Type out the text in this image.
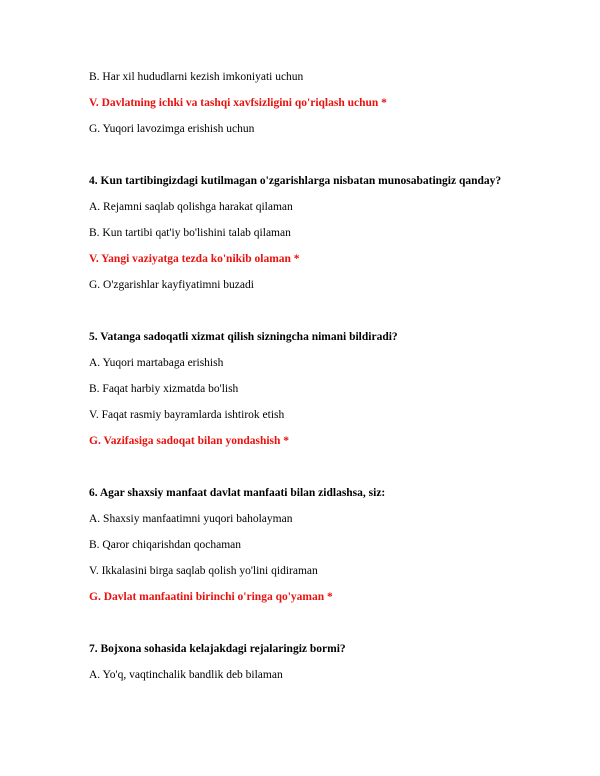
B. Har xil hududlarni kezish imkoniyati uchun
V. Davlatning ichki va tashqi xavfsizligini qo'riqlash uchun *
G. Yuqori lavozimga erishish uchun
4. Kun tartibingizdagi kutilmagan o'zgarishlarga nisbatan munosabatingiz qanday?
A. Rejamni saqlab qolishga harakat qilaman
B. Kun tartibi qat'iy bo'lishini talab qilaman
V. Yangi vaziyatga tezda ko'nikib olaman *
G. O'zgarishlar kayfiyatimni buzadi
5. Vatanga sadoqatli xizmat qilish sizningcha nimani bildiradi?
A. Yuqori martabaga erishish
B. Faqat harbiy xizmatda bo'lish
V. Faqat rasmiy bayramlarda ishtirok etish
G. Vazifasiga sadoqat bilan yondashish *
6. Agar shaxsiy manfaat davlat manfaati bilan zidlashsa, siz:
A. Shaxsiy manfaatimni yuqori baholayman
B. Qaror chiqarishdan qochaman
V. Ikkalasini birga saqlab qolish yo'lini qidiraman
G. Davlat manfaatini birinchi o'ringa qo'yaman *
7. Bojxona sohasida kelajakdagi rejalaringiz bormi?
A. Yo'q, vaqtinchalik bandlik deb bilaman
